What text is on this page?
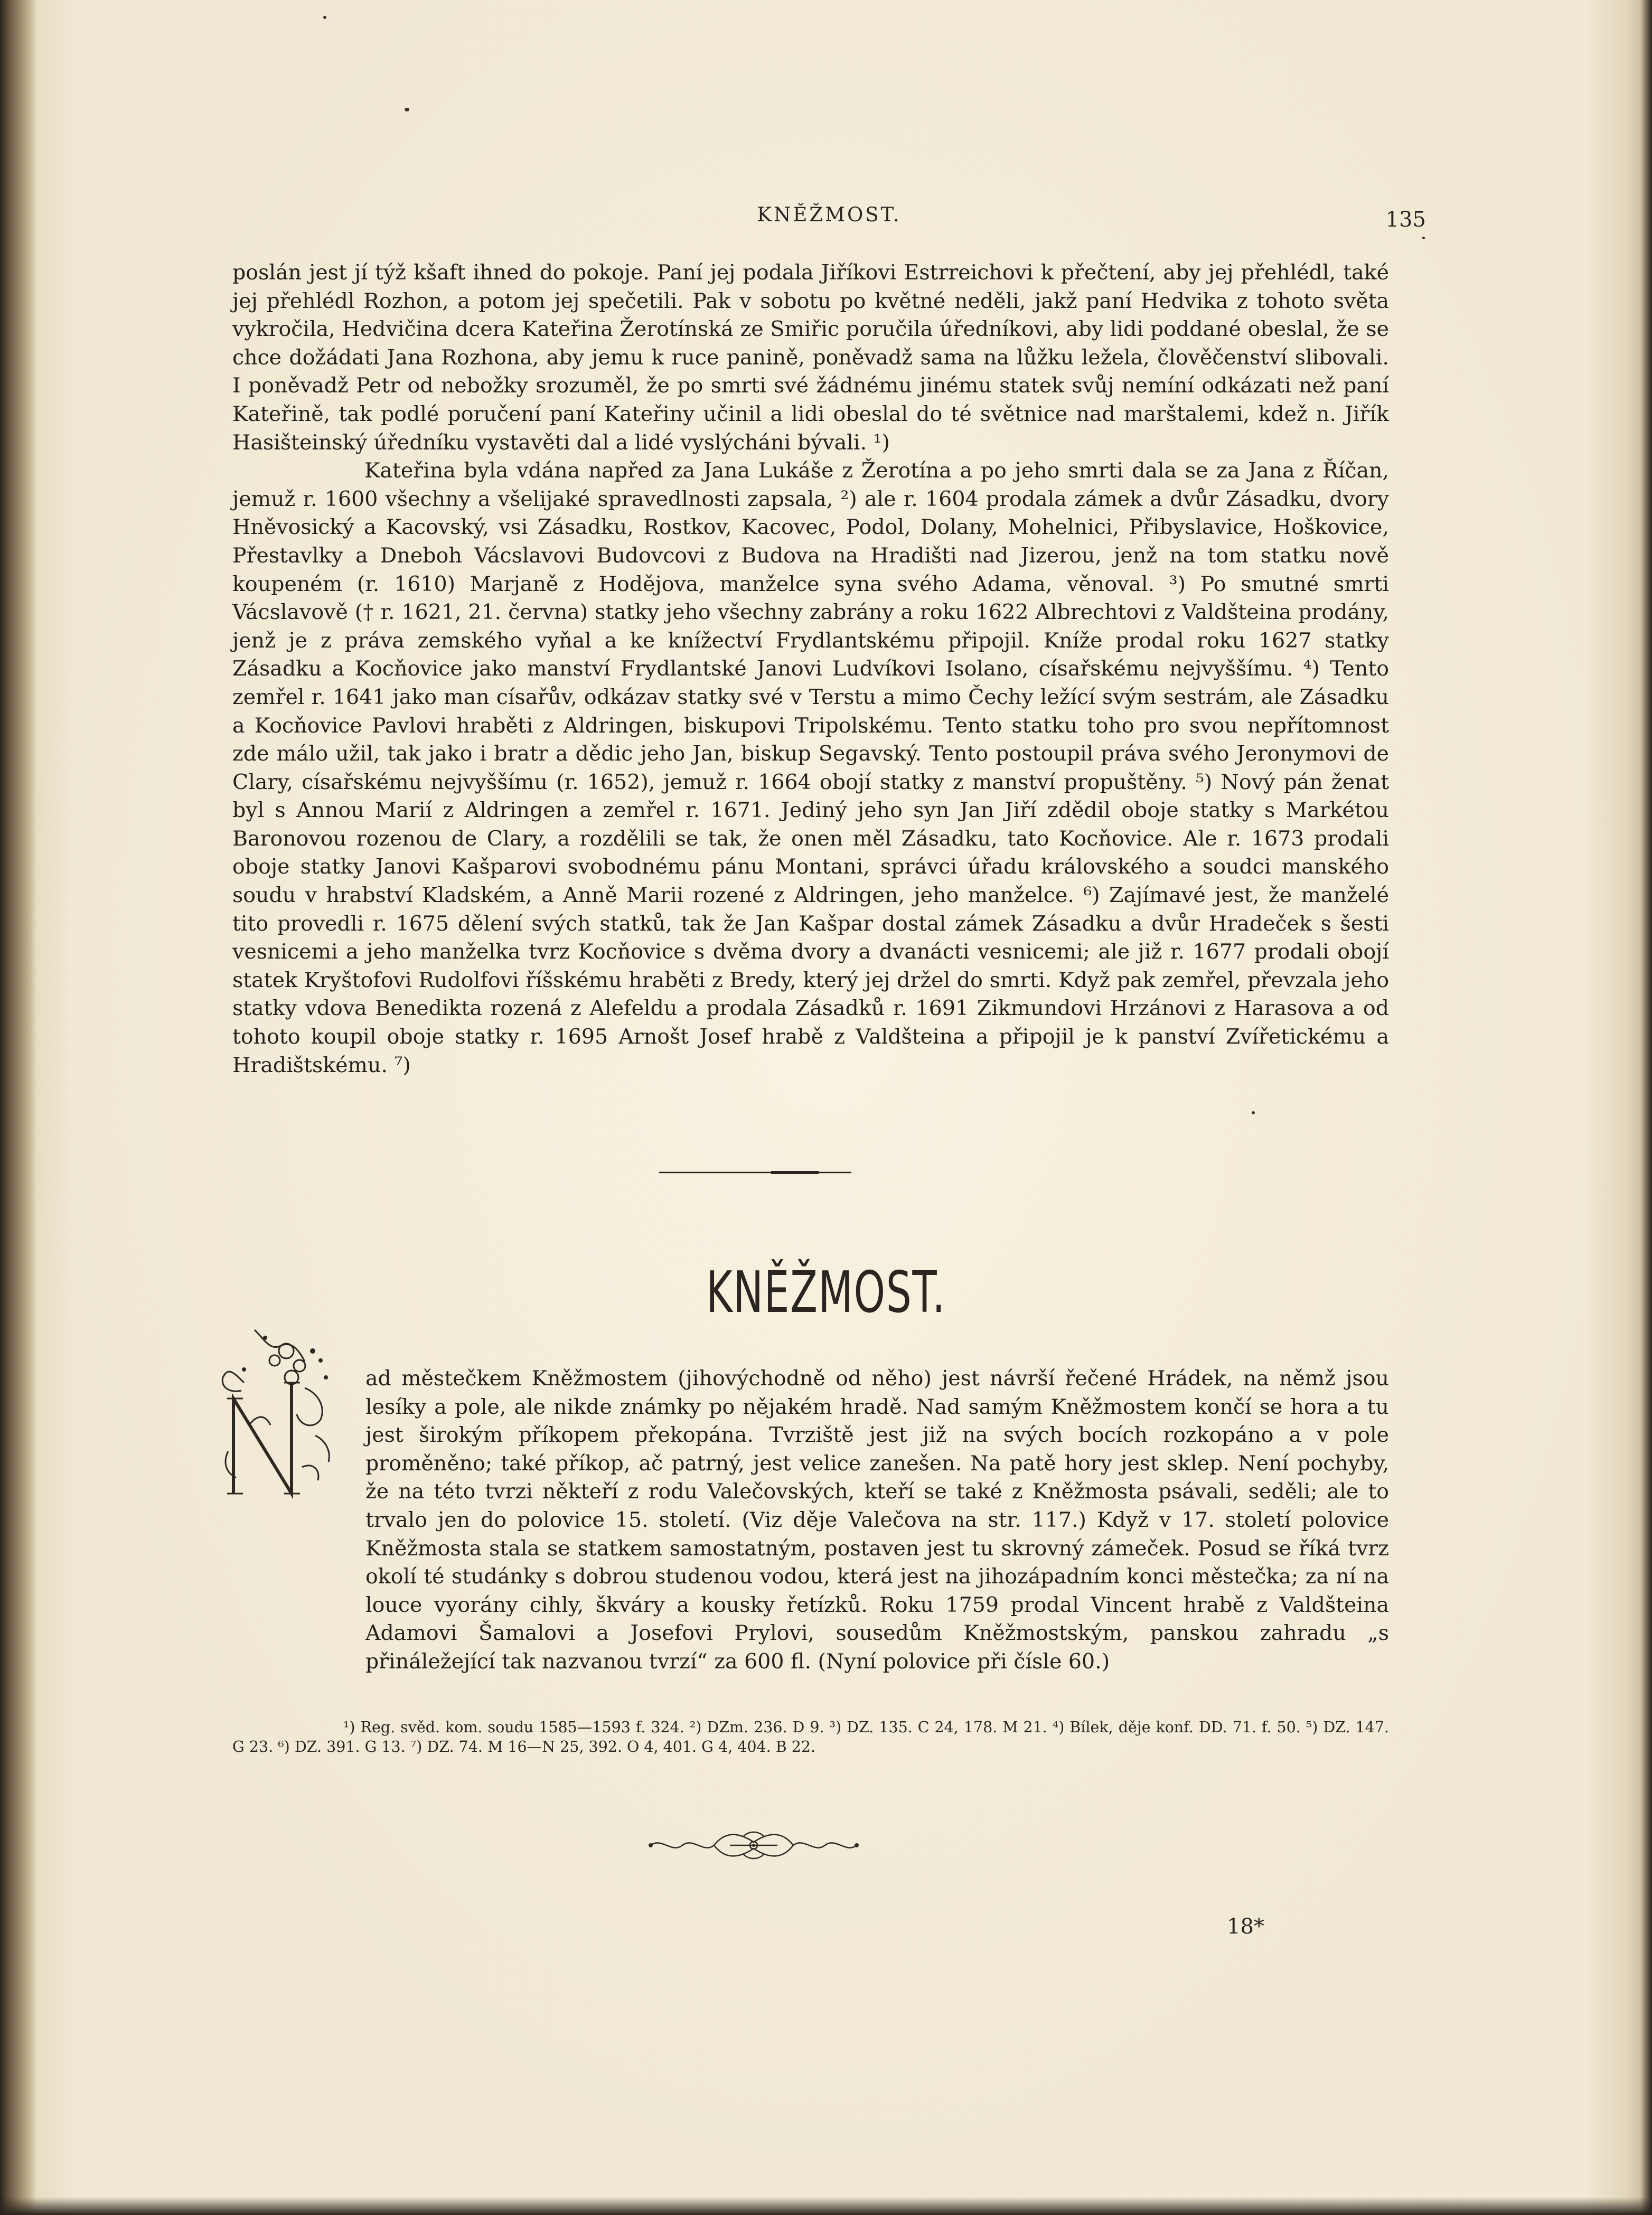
KNĚŽMOST.	135

poslán jest jí týž kšaft ihned do pokoje. Paní jej podala Jiříkovi Estrreichovi k přečtení, aby jej přehlédl, také jej přehlédl Rozhon, a potom jej spečetili. Pak v sobotu po květné neděli, jakž paní Hedvika z tohoto světa vykročila, Hedvičina dcera Kateřina Žerotínská ze Smiřic poručila úředníkovi, aby lidi poddané obeslal, že se chce dožádati Jana Rozhona, aby jemu k ruce panině, poněvadž sama na lůžku ležela, člověčenství slibovali. I poněvadž Petr od nebožky srozuměl, že po smrti své žádnému jinému statek svůj nemíní odkázati než paní Kateřině, tak podlé poručení paní Kateřiny učinil a lidi obeslal do té světnice nad marštalemi, kdež n. Jiřík Hasišteinský úředníku vystavěti dal a lidé vyslýcháni bývali. ¹)

Kateřina byla vdána napřed za Jana Lukáše z Žerotína a po jeho smrti dala se za Jana z Říčan, jemuž r. 1600 všechny a všelijaké spravedlnosti zapsala, ²) ale r. 1604 prodala zámek a dvůr Zásadku, dvory Hněvosický a Kacovský, vsi Zásadku, Rostkov, Kacovec, Podol, Dolany, Mohelnici, Přibyslavice, Hoškovice, Přestavlky a Dneboh Vácslavovi Budovcovi z Budova na Hradišti nad Jizerou, jenž na tom statku nově koupeném (r. 1610) Marjaně z Hodějova, manželce syna svého Adama, věnoval. ³) Po smutné smrti Vácslavově († r. 1621, 21. června) statky jeho všechny zabrány a roku 1622 Albrechtovi z Valdšteina prodány, jenž je z práva zemského vyňal a ke knížectví Frydlantskému připojil. Kníže prodal roku 1627 statky Zásadku a Kocňovice jako manství Frydlantské Janovi Ludvíkovi Isolano, císařskému nejvyššímu. ⁴) Tento zemřel r. 1641 jako man císařův, odkázav statky své v Terstu a mimo Čechy ležící svým sestrám, ale Zásadku a Kocňovice Pavlovi hraběti z Aldringen, biskupovi Tripolskému. Tento statku toho pro svou nepřítomnost zde málo užil, tak jako i bratr a dědic jeho Jan, biskup Segavský. Tento postoupil práva svého Jeronymovi de Clary, císařskému nejvyššímu (r. 1652), jemuž r. 1664 obojí statky z manství propuštěny. ⁵) Nový pán ženat byl s Annou Marií z Aldringen a zemřel r. 1671. Jediný jeho syn Jan Jiří zdědil oboje statky s Markétou Baronovou rozenou de Clary, a rozdělili se tak, že onen měl Zásadku, tato Kocňovice. Ale r. 1673 prodali oboje statky Janovi Kašparovi svobodnému pánu Montani, správci úřadu královského a soudci manského soudu v hrabství Kladském, a Anně Marii rozené z Aldringen, jeho manželce. ⁶) Zajímavé jest, že manželé tito provedli r. 1675 dělení svých statků, tak že Jan Kašpar dostal zámek Zásadku a dvůr Hradeček s šesti vesnicemi a jeho manželka tvrz Kocňovice s dvěma dvory a dvanácti vesnicemi; ale již r. 1677 prodali obojí statek Kryštofovi Rudolfovi říšskému hraběti z Bredy, který jej držel do smrti. Když pak zemřel, převzala jeho statky vdova Benedikta rozená z Alefeldu a prodala Zásadků r. 1691 Zikmundovi Hrzánovi z Harasova a od tohoto koupil oboje statky r. 1695 Arnošt Josef hrabě z Valdšteina a připojil je k panství Zvířetickému a Hradištskému. ⁷)

KNĚŽMOST.
ad městečkem Kněžmostem (jihovýchodně od něho) jest návrší řečené Hrádek, na němž jsou lesíky a pole, ale nikde známky po nějakém hradě. Nad samým Kněžmostem končí se hora a tu jest širokým příkopem překopána. Tvrziště jest již na svých bocích rozkopáno a v pole proměněno; také příkop, ač patrný, jest velice zanešen. Na patě hory jest sklep. Není pochyby, že na této tvrzi někteří z rodu Valečovských, kteří se také z Kněžmosta psávali, seděli; ale to trvalo jen do polovice 15. století. (Viz děje Valečova na str. 117.) Když v 17. století polovice Kněžmosta stala se statkem samostatným, postaven jest tu skrovný zámeček. Posud se říká tvrz okolí té studánky s dobrou studenou vodou, která jest na jihozápadním konci městečka; za ní na louce vyorány cihly, škváry a kousky řetízků. Roku 1759 prodal Vincent hrabě z Valdšteina Adamovi Šamalovi a Josefovi Prylovi, sousedům Kněžmostským, panskou zahradu „s přináležející tak nazvanou tvrzí“ za 600 fl. (Nyní polovice při čísle 60.)
¹) Reg. svěd. kom. soudu 1585—1593 f. 324. ²) DZm. 236. D 9. ³) DZ. 135. C 24, 178. M 21. ⁴) Bílek, děje konf. DD. 71. f. 50. ⁵) DZ. 147. G 23. ⁶) DZ. 391. G 13. ⁷) DZ. 74. M 16—N 25, 392. O 4, 401. G 4, 404. B 22.
18*
